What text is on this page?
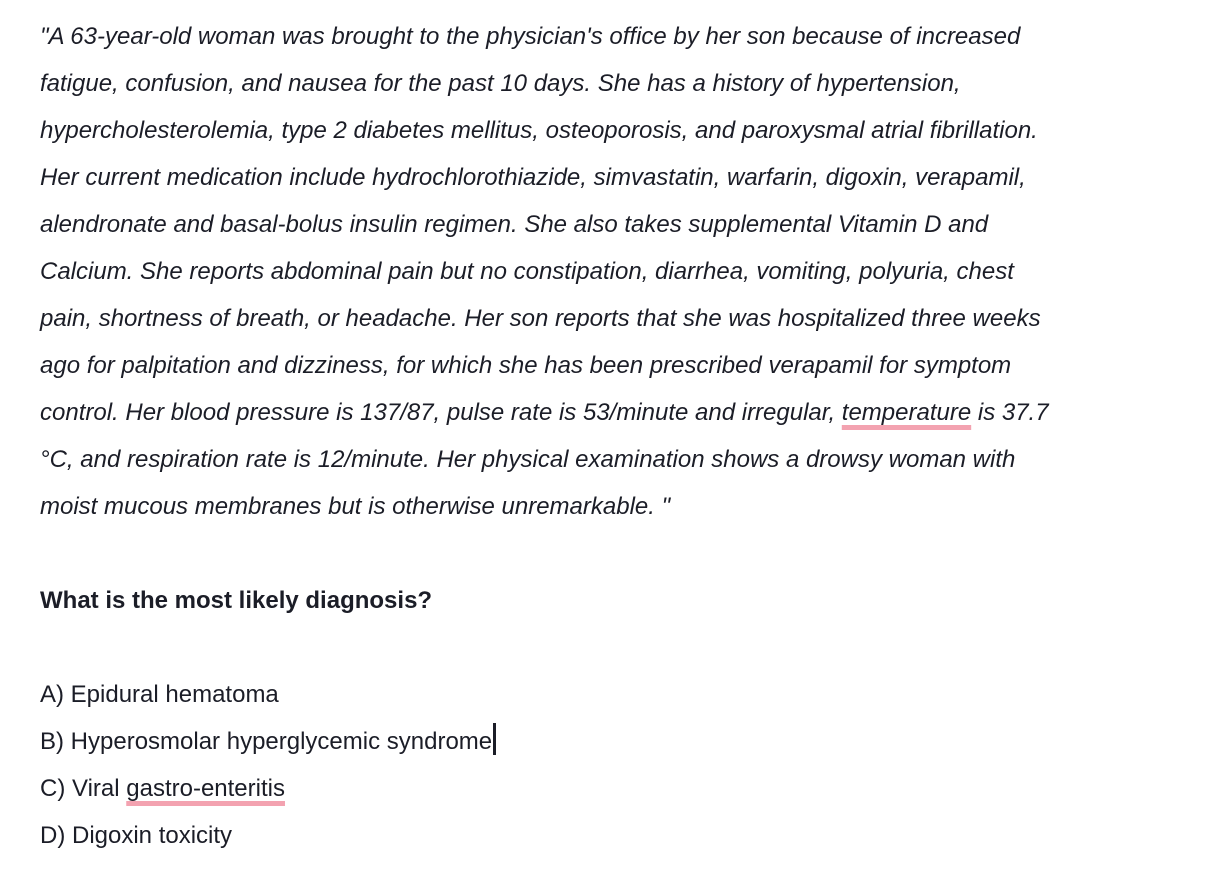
"A 63-year-old woman was brought to the physician's office by her son because of increased
fatigue, confusion, and nausea for the past 10 days. She has a history of hypertension,
hypercholesterolemia, type 2 diabetes mellitus, osteoporosis, and paroxysmal atrial fibrillation.
Her current medication include hydrochlorothiazide, simvastatin, warfarin, digoxin, verapamil,
alendronate and basal-bolus insulin regimen. She also takes supplemental Vitamin D and
Calcium. She reports abdominal pain but no constipation, diarrhea, vomiting, polyuria, chest
pain, shortness of breath, or headache. Her son reports that she was hospitalized three weeks
ago for palpitation and dizziness, for which she has been prescribed verapamil for symptom
control. Her blood pressure is 137/87, pulse rate is 53/minute and irregular, temperature is 37.7
°C, and respiration rate is 12/minute. Her physical examination shows a drowsy woman with
moist mucous membranes but is otherwise unremarkable. "
What is the most likely diagnosis?
A) Epidural hematoma
B) Hyperosmolar hyperglycemic syndrome
C) Viral gastro-enteritis
D) Digoxin toxicity
